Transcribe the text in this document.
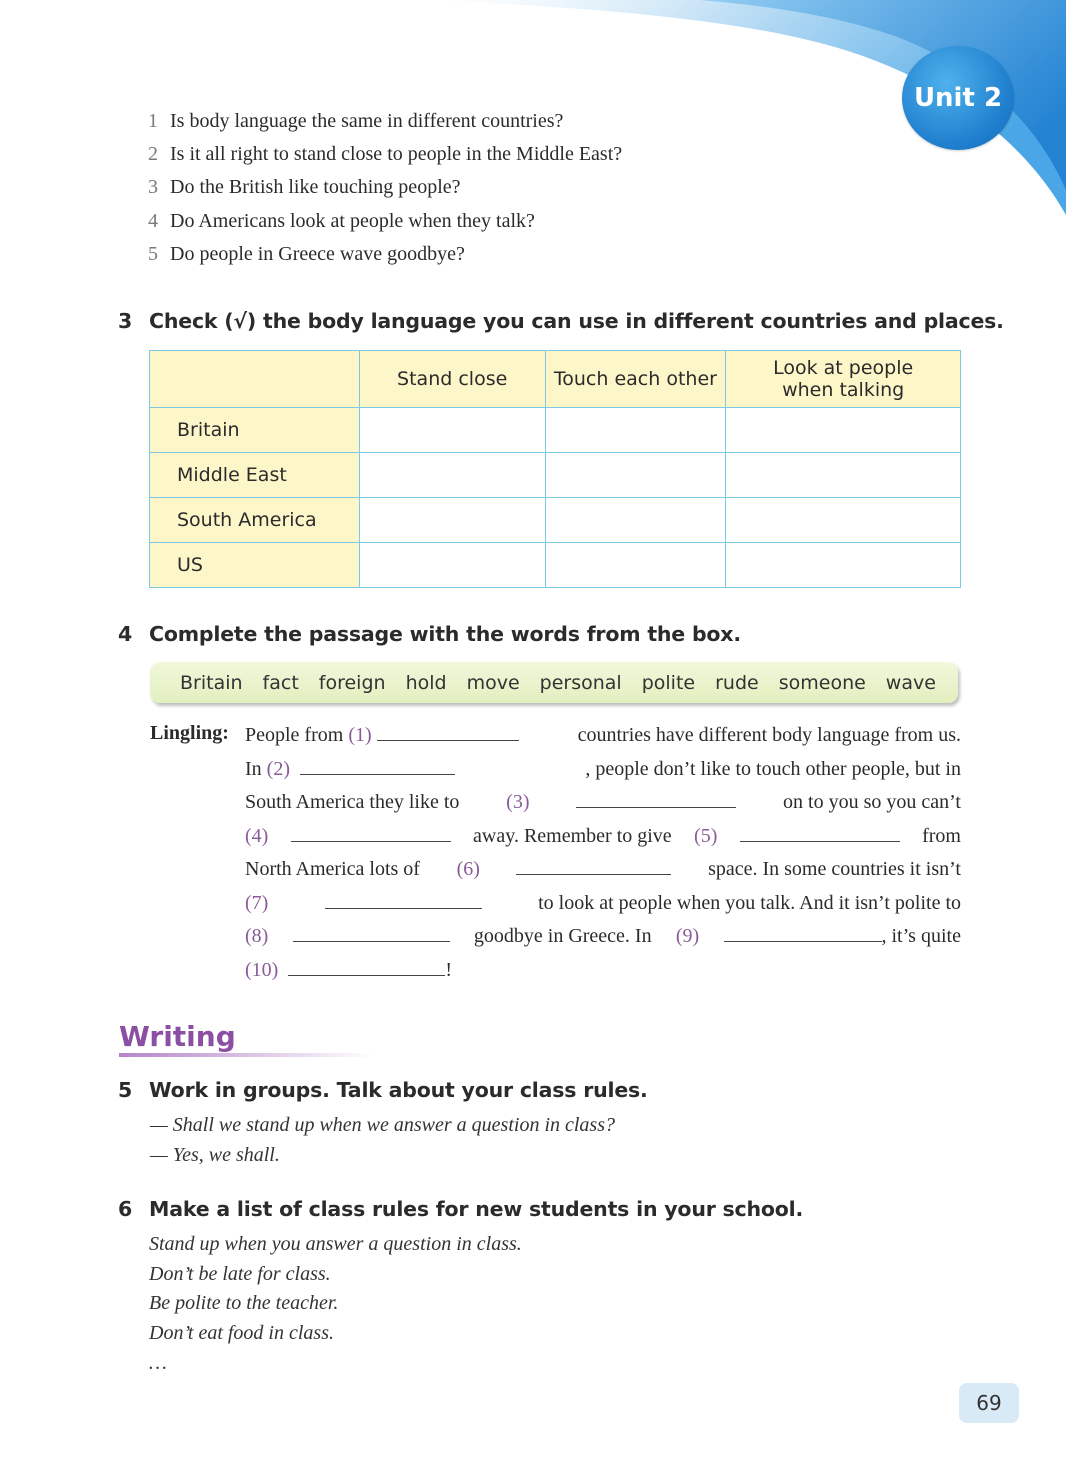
Unit 2
1 Is body language the same in different countries?
2 Is it all right to stand close to people in the Middle East?
3 Do the British like touching people?
4 Do Americans look at people when they talk?
5 Do people in Greece wave goodbye?
3 Check (√) the body language you can use in different countries and places.
	Stand close	Touch each other	Look at people
when talking
Britain			
Middle East			
South America			
US			
4 Complete the passage with the words from the box.
Britain fact foreign hold move personal polite rude someone wave
Lingling: People from (1)	countries have different body language from us.
In (2)	, people don’t like to touch other people, but in
South America they like to (3)	on to you so you can’t
(4)	away. Remember to give (5)	from
North America lots of (6)	space. In some countries it isn’t
(7)	to look at people when you talk. And it isn’t polite to
(8)	goodbye in Greece. In (9)	, it’s quite
(10)
	!
Writing
5 Work in groups. Talk about your class rules.
— Shall we stand up when we answer a question in class?
— Yes, we shall.
6 Make a list of class rules for new students in your school.
Stand up when you answer a question in class.
Don’t be late for class.
Be polite to the teacher.
Don’t eat food in class.
…
69
